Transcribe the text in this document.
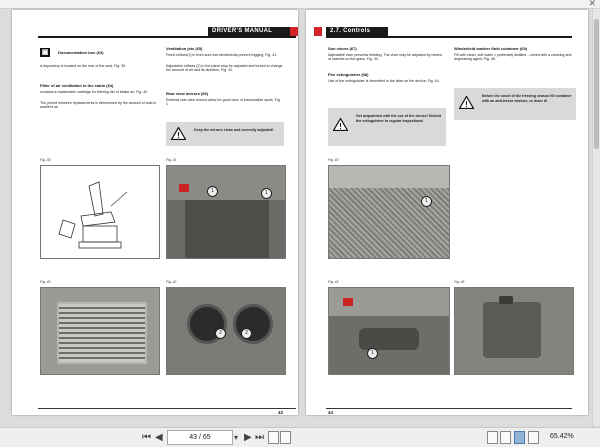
✕
DRIVER'S MANUAL
▣	Documentation box (63)
A depository is located on the rear of the seat, Fig. 39.
Filter of air ventilation in the cabin (64)
contains a replaceable cartridge for filtering dirt of intake air, Fig. 40.
The period between replacements is determined by the amount of dust in ambient air.
Ventilation jets (65)
Fixed orifices(1) in front and rear windshields prevent fogging, Fig. 41.
Adjustable orifices (2) in the panel may be adjusted and turned to change the amount of air and its direction, Fig. 42.
Rear view mirrors (66)
External rear-view mirrors allow for good view of inaccessible spots, Fig. 1.
!
Keep the mirrors clean and correctly adjusted!
Fig. 39	Fig. 41
1	1
Fig. 40	Fig. 42
2	2
43
2.7. Controls
Sun visors (67)
Adjustable visor prevents blinding. The visor may be adjusted by means of catches on the glass, Fig. 43.
Fire extinguisher (68)
Use of the extinguisher is described in the label on the device, Fig. 44.
!
Get acquainted with the use of the device! Submit the extinguisher to regular inspections!
Windshield washer fluid container (69)
Fill with clean, soft water = preferably distilled – mixed with a cleaning and degreasing agent, Fig. 45.
!
Before the onset of the freezing season fill container with an anti-freeze mixture, or drain it!
Fig. 43
1
Fig. 44
1
Fig. 45
44
⏮ ◀	43 / 65	▾ ▶ ⏭	65.42%
